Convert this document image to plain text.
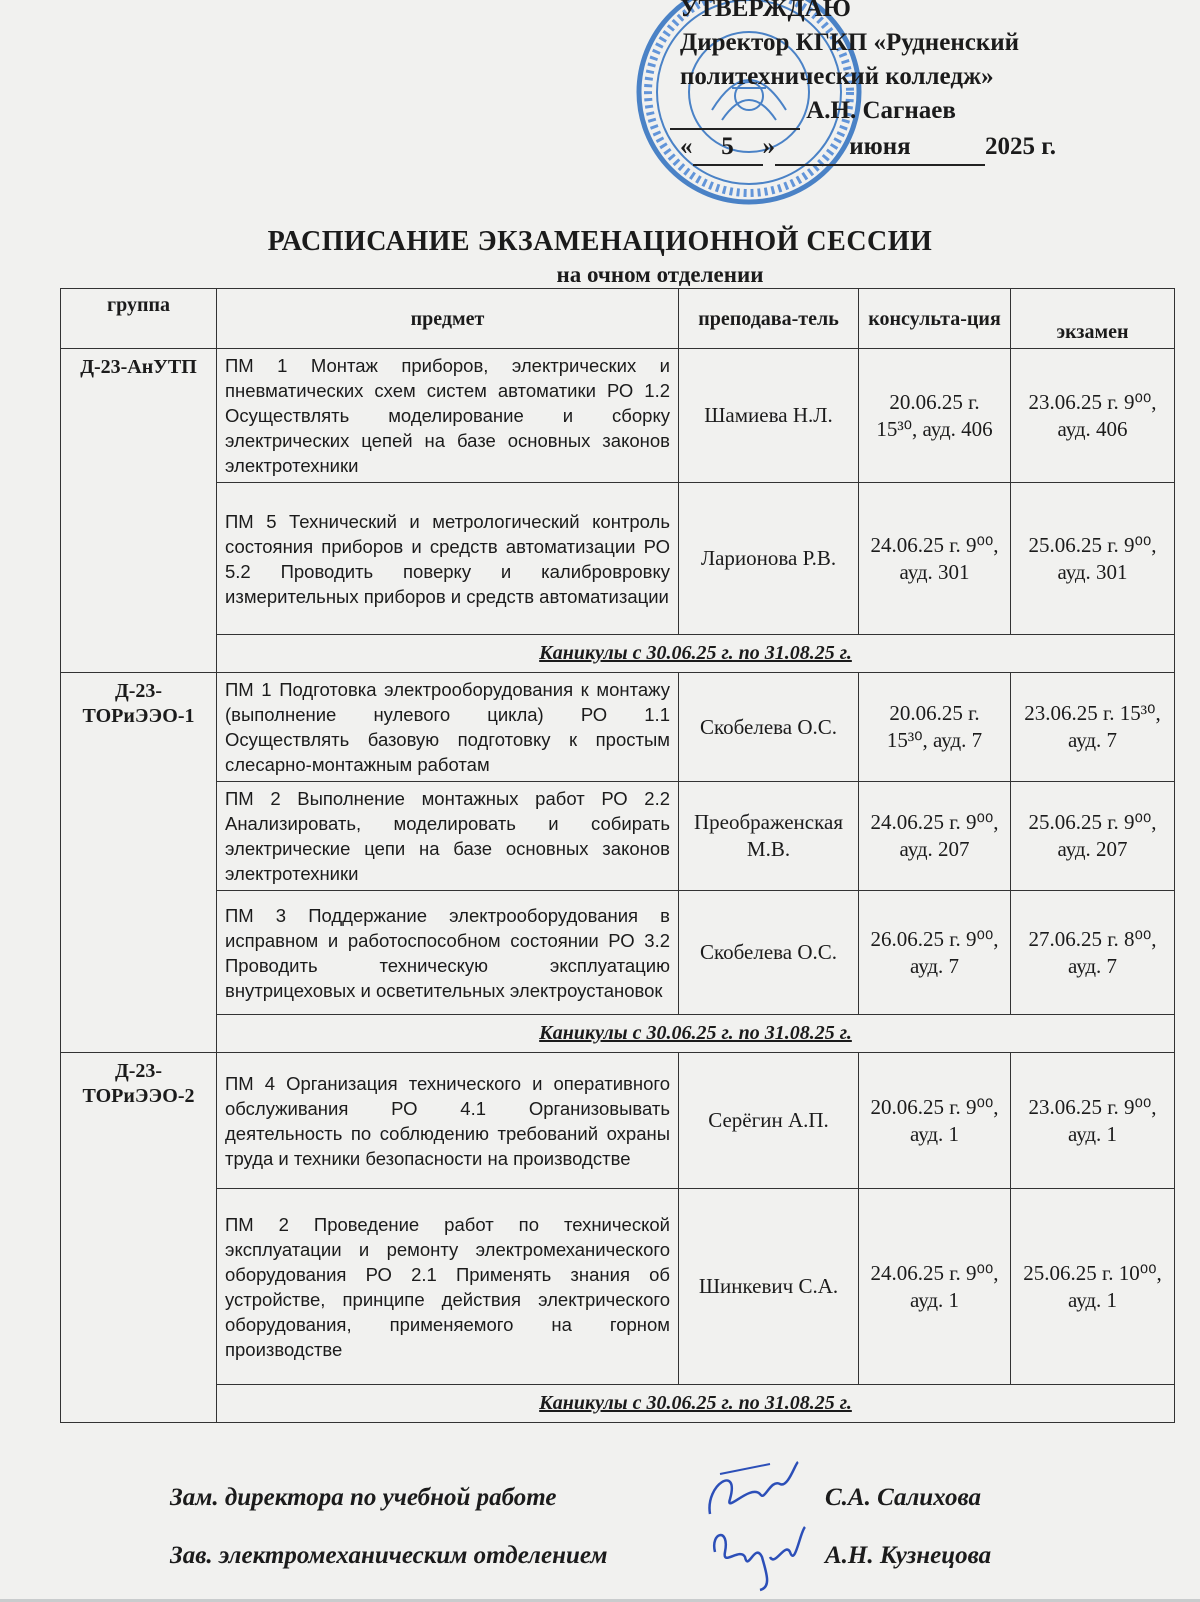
УТВЕРЖДАЮ
Директор КГКП «Рудненский
политехнический колледж»
А.Н. Сагнаев
« 5 »	июня	2025 г.
РАСПИСАНИЕ ЭКЗАМЕНАЦИОННОЙ СЕССИИ
на очном отделении
группа	предмет	преподава-тель	консульта-ция	экзамен
Д-23-АнУТП	ПМ 1 Монтаж приборов, электрических и пневматических схем систем автоматики РО 1.2 Осуществлять моделирование и сборку электрических цепей на базе основных законов электротехники	Шамиева Н.Л.	20.06.25 г. 15³⁰, ауд. 406	23.06.25 г. 9⁰⁰, ауд. 406
	ПМ 5 Технический и метрологический контроль состояния приборов и средств автоматизации РО 5.2 Проводить поверку и калибровровку измерительных приборов и средств автоматизации	Ларионова Р.В.	24.06.25 г. 9⁰⁰, ауд. 301	25.06.25 г. 9⁰⁰, ауд. 301
	Каникулы с 30.06.25 г. по 31.08.25 г.			
Д-23-ТОРиЭЭО-1	ПМ 1 Подготовка электрооборудования к монтажу (выполнение нулевого цикла) РО 1.1 Осуществлять базовую подготовку к простым слесарно-монтажным работам	Скобелева О.С.	20.06.25 г. 15³⁰, ауд. 7	23.06.25 г. 15³⁰, ауд. 7
	ПМ 2 Выполнение монтажных работ РО 2.2 Анализировать, моделировать и собирать электрические цепи на базе основных законов электротехники	Преображенская М.В.	24.06.25 г. 9⁰⁰, ауд. 207	25.06.25 г. 9⁰⁰, ауд. 207
	ПМ 3 Поддержание электрооборудования в исправном и работоспособном состоянии РО 3.2 Проводить техническую эксплуатацию внутрицеховых и осветительных электроустановок	Скобелева О.С.	26.06.25 г. 9⁰⁰, ауд. 7	27.06.25 г. 8⁰⁰, ауд. 7
	Каникулы с 30.06.25 г. по 31.08.25 г.			
Д-23-ТОРиЭЭО-2	ПМ 4 Организация технического и оперативного обслуживания РО 4.1 Организовывать деятельность по соблюдению требований охраны труда и техники безопасности на производстве	Серёгин А.П.	20.06.25 г. 9⁰⁰, ауд. 1	23.06.25 г. 9⁰⁰, ауд. 1
	ПМ 2 Проведение работ по технической эксплуатации и ремонту электромеханического оборудования РО 2.1 Применять знания об устройстве, принципе действия электрического оборудования, применяемого на горном производстве	Шинкевич С.А.	24.06.25 г. 9⁰⁰, ауд. 1	25.06.25 г. 10⁰⁰, ауд. 1
	Каникулы с 30.06.25 г. по 31.08.25 г.			
Зам. директора по учебной работе	С.А. Салихова
Зав. электромеханическим отделением	А.Н. Кузнецова
